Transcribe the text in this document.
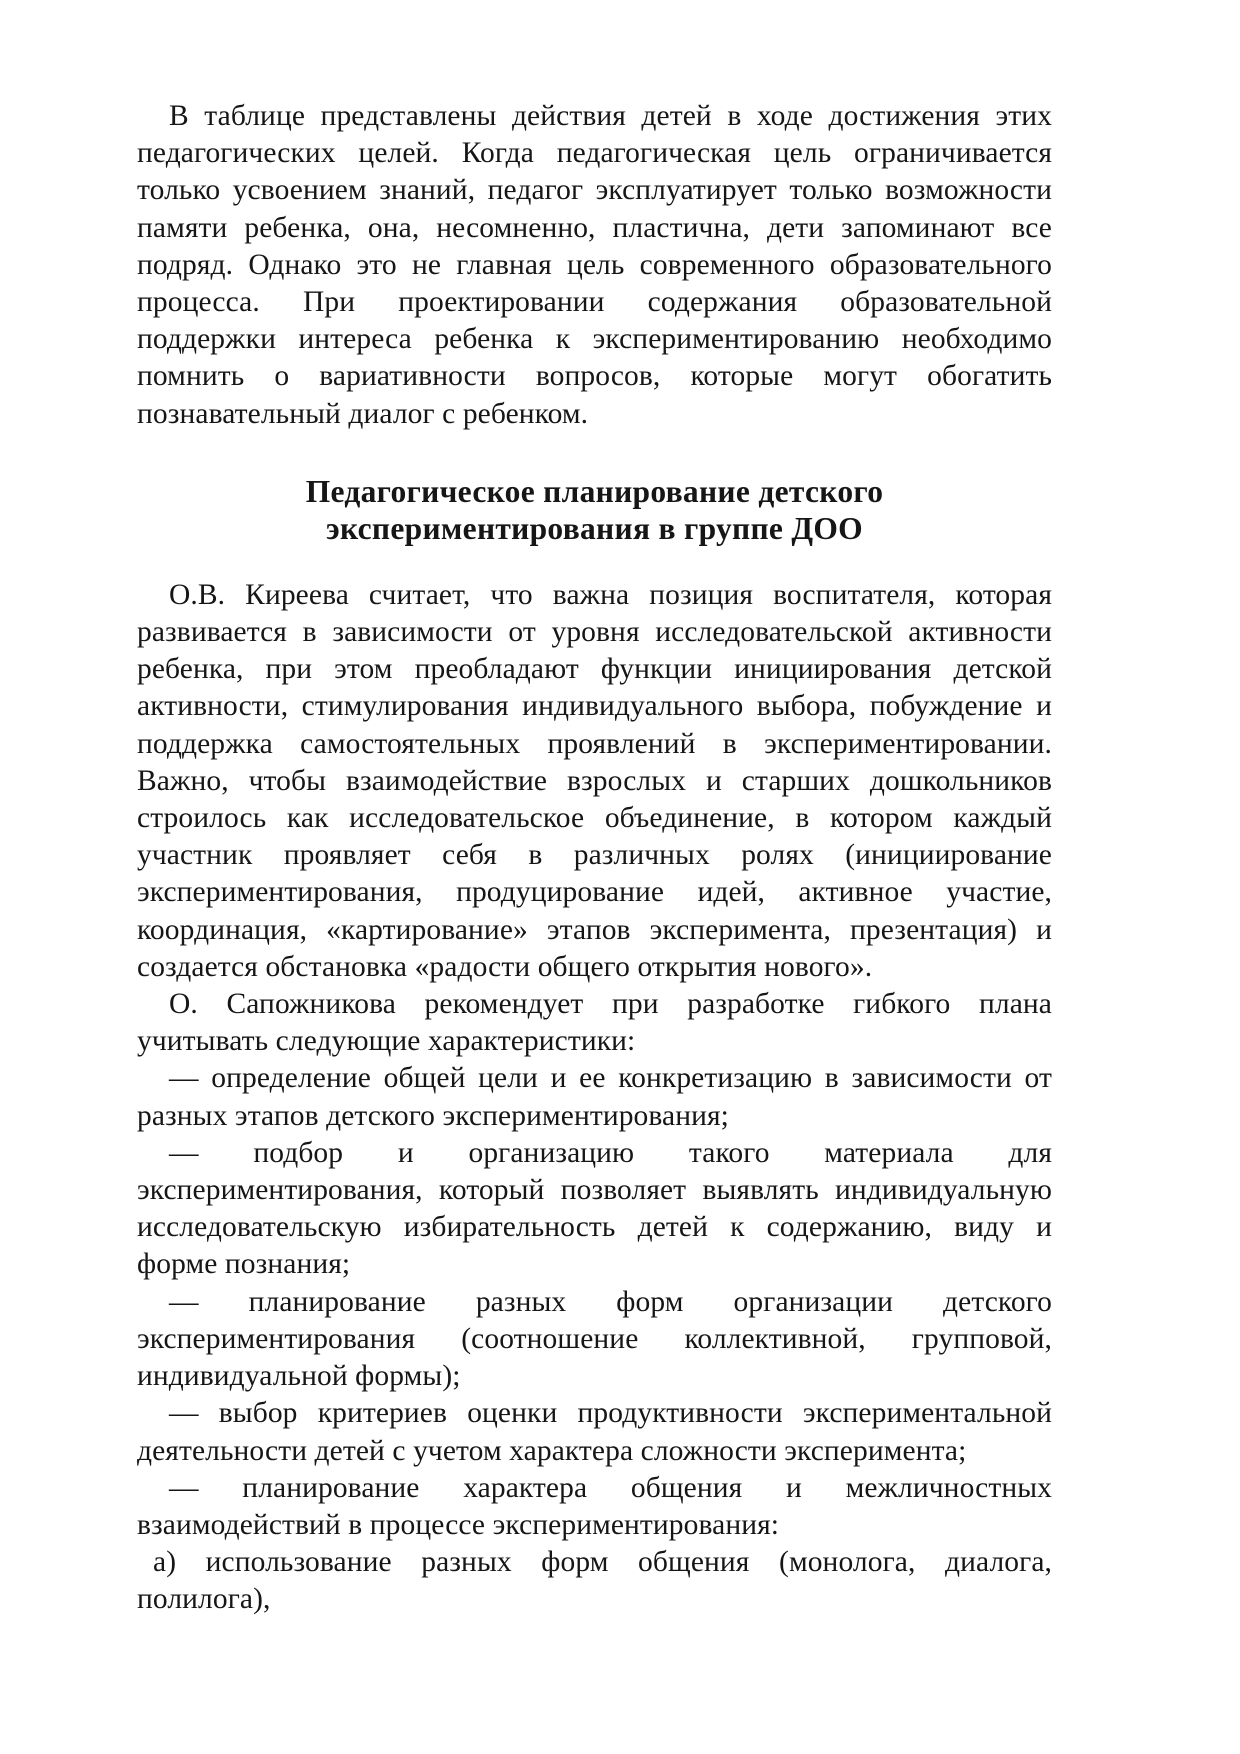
В таблице представлены действия детей в ходе достижения этих педагогических целей. Когда педагогическая цель ограничивается только усвоением знаний, педагог эксплуатирует только возможности памяти ребенка, она, несомненно, пластична, дети запоминают все подряд. Однако это не главная цель современного образовательного процесса. При проектировании содержания образовательной поддержки интереса ребенка к экспериментированию необходимо помнить о вариативности вопросов, которые могут обогатить познавательный диалог с ребенком.

Педагогическое планирование детского
экспериментирования в группе ДОО

О.В. Киреева считает, что важна позиция воспитателя, которая развивается в зависимости от уровня исследовательской активности ребенка, при этом преобладают функции инициирования детской активности, стимулирования индивидуального выбора, побуждение и поддержка самостоятельных проявлений в экспериментировании. Важно, чтобы взаимодействие взрослых и старших дошкольников строилось как исследовательское объединение, в котором каждый участник проявляет себя в различных ролях (инициирование экспериментирования, продуцирование идей, активное участие, координация, «картирование» этапов эксперимента, презентация) и создается обстановка «радости общего открытия нового».

О. Сапожникова рекомендует при разработке гибкого плана учитывать следующие характеристики:

— определение общей цели и ее конкретизацию в зависимости от разных этапов детского экспериментирования;

— подбор и организацию такого материала для экспериментирования, который позволяет выявлять индивидуальную исследовательскую избирательность детей к содержанию, виду и форме познания;

— планирование разных форм организации детского экспериментирования (соотношение коллективной, групповой, индивидуальной формы);

— выбор критериев оценки продуктивности экспериментальной деятельности детей с учетом характера сложности эксперимента;

— планирование характера общения и межличностных взаимодействий в процессе экспериментирования:

а) использование разных форм общения (монолога, диалога, полилога),
